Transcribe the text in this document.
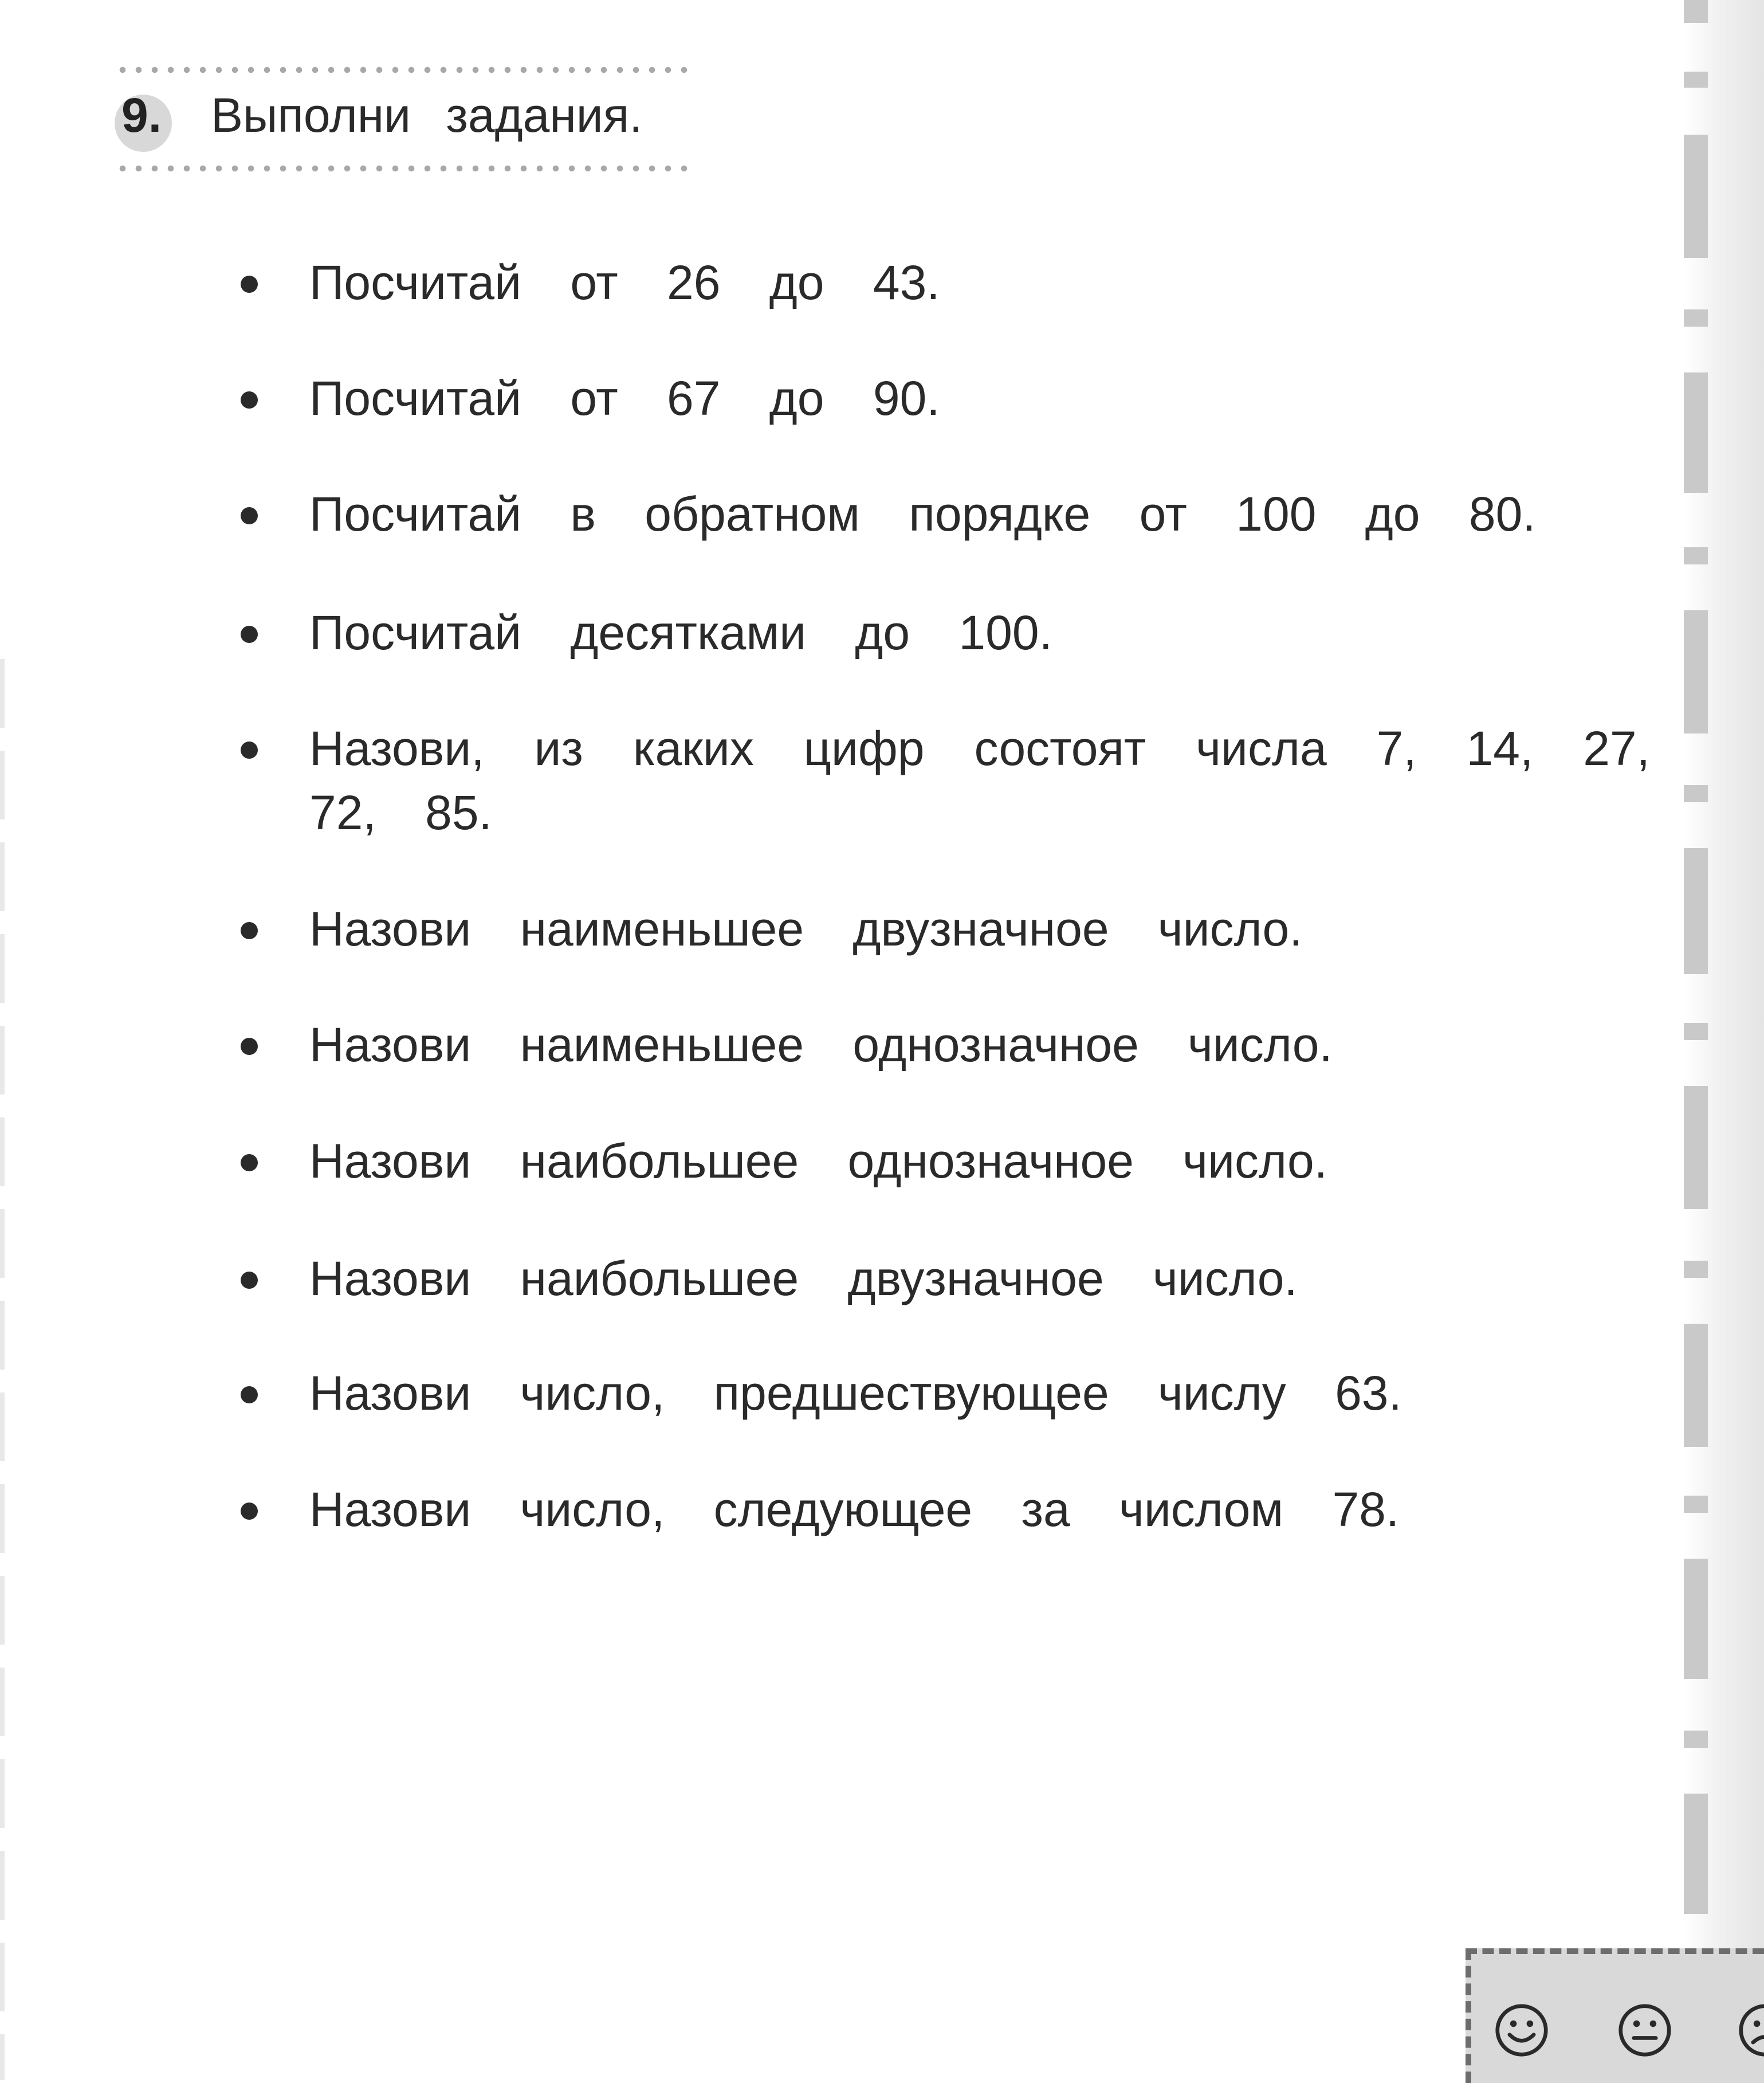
9. Выполни задания.
Посчитай от 26 до 43.
Посчитай от 67 до 90.
Посчитай в обратном порядке от 100 до 80.
Посчитай десятками до 100.
Назови, из каких цифр состоят числа 7, 14, 27, 72, 85.
Назови наименьшее двузначное число.
Назови наименьшее однозначное число.
Назови наибольшее однозначное число.
Назови наибольшее двузначное число.
Назови число, предшествующее числу 63.
Назови число, следующее за числом 78.
